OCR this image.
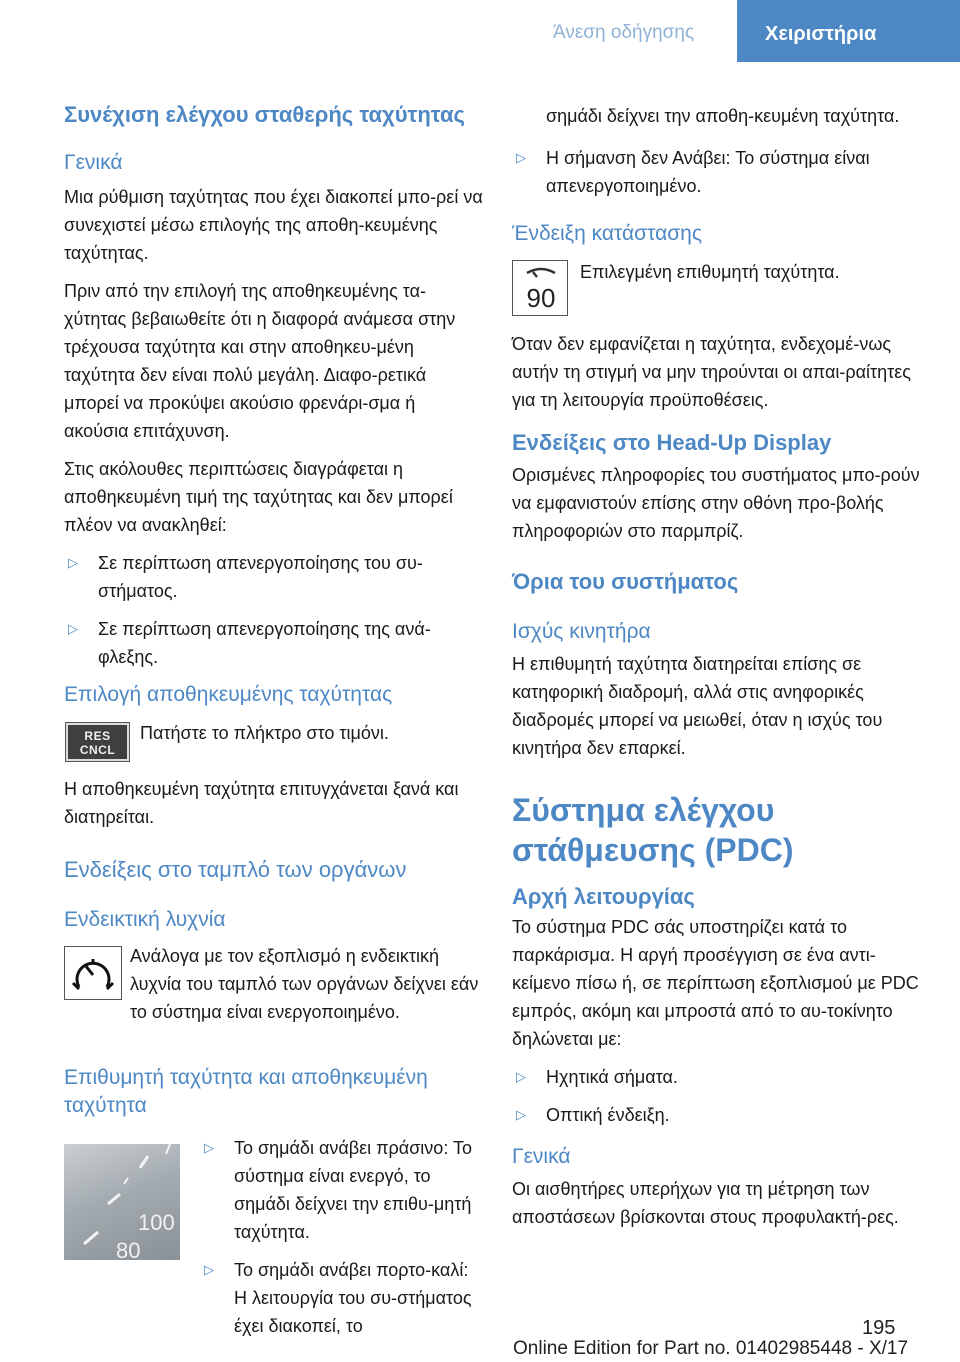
Άνεση οδήγησης	Χειριστήρια
Συνέχιση ελέγχου σταθερής ταχύτητας
Γενικά
Μια ρύθμιση ταχύτητας που έχει διακοπεί μπο-ρεί να συνεχιστεί μέσω επιλογής της αποθη-κευμένης ταχύτητας.
Πριν από την επιλογή της αποθηκευμένης τα-χύτητας βεβαιωθείτε ότι η διαφορά ανάμεσα στην τρέχουσα ταχύτητα και στην αποθηκευ-μένη ταχύτητα δεν είναι πολύ μεγάλη. Διαφο-ρετικά μπορεί να προκύψει ακούσιο φρενάρι-σμα ή ακούσια επιτάχυνση.
Στις ακόλουθες περιπτώσεις διαγράφεται η αποθηκευμένη τιμή της ταχύτητας και δεν μπορεί πλέον να ανακληθεί:
▷ Σε περίπτωση απενεργοποίησης του συ-στήματος.
▷ Σε περίπτωση απενεργοποίησης της ανά-φλεξης.
Επιλογή αποθηκευμένης ταχύτητας
RES
CNCL
Πατήστε το πλήκτρο στο τιμόνι.
Η αποθηκευμένη ταχύτητα επιτυγχάνεται ξανά και διατηρείται.
Ενδείξεις στο ταμπλό των οργάνων
Ενδεικτική λυχνία
Ανάλογα με τον εξοπλισμό η ενδεικτική λυχνία του ταμπλό των οργάνων δείχνει εάν το σύστημα είναι ενεργοποιημένο.
Επιθυμητή ταχύτητα και αποθηκευμένη ταχύτητα
100
80
▷ Το σημάδι ανάβει πράσινο: Το σύστημα είναι ενεργό, το σημάδι δείχνει την επιθυ-μητή ταχύτητα.
▷ Το σημάδι ανάβει πορτο-καλί: Η λειτουργία του συ-στήματος έχει διακοπεί, το
σημάδι δείχνει την αποθη-κευμένη ταχύτητα.
▷ Η σήμανση δεν Ανάβει: Το σύστημα είναι απενεργοποιημένο.
Ένδειξη κατάστασης
90
Επιλεγμένη επιθυμητή ταχύτητα.
Όταν δεν εμφανίζεται η ταχύτητα, ενδεχομέ-νως αυτήν τη στιγμή να μην τηρούνται οι απαι-ραίτητες για τη λειτουργία προϋποθέσεις.
Ενδείξεις στο Head-Up Display
Ορισμένες πληροφορίες του συστήματος μπο-ρούν να εμφανιστούν επίσης στην οθόνη προ-βολής πληροφοριών στο παρμπρίζ.
Όρια του συστήματος
Ισχύς κινητήρα
Η επιθυμητή ταχύτητα διατηρείται επίσης σε κατηφορική διαδρομή, αλλά στις ανηφορικές διαδρομές μπορεί να μειωθεί, όταν η ισχύς του κινητήρα δεν επαρκεί.
Σύστημα ελέγχου στάθμευσης (PDC)
Αρχή λειτουργίας
Το σύστημα PDC σάς υποστηρίζει κατά το παρκάρισμα. Η αργή προσέγγιση σε ένα αντι-κείμενο πίσω ή, σε περίπτωση εξοπλισμού με PDC εμπρός, ακόμη και μπροστά από το αυ-τοκίνητο δηλώνεται με:
▷ Ηχητικά σήματα.
▷ Οπτική ένδειξη.
Γενικά
Οι αισθητήρες υπερήχων για τη μέτρηση των αποστάσεων βρίσκονται στους προφυλακτή-ρες.
195
Online Edition for Part no. 01402985448 - X/17
